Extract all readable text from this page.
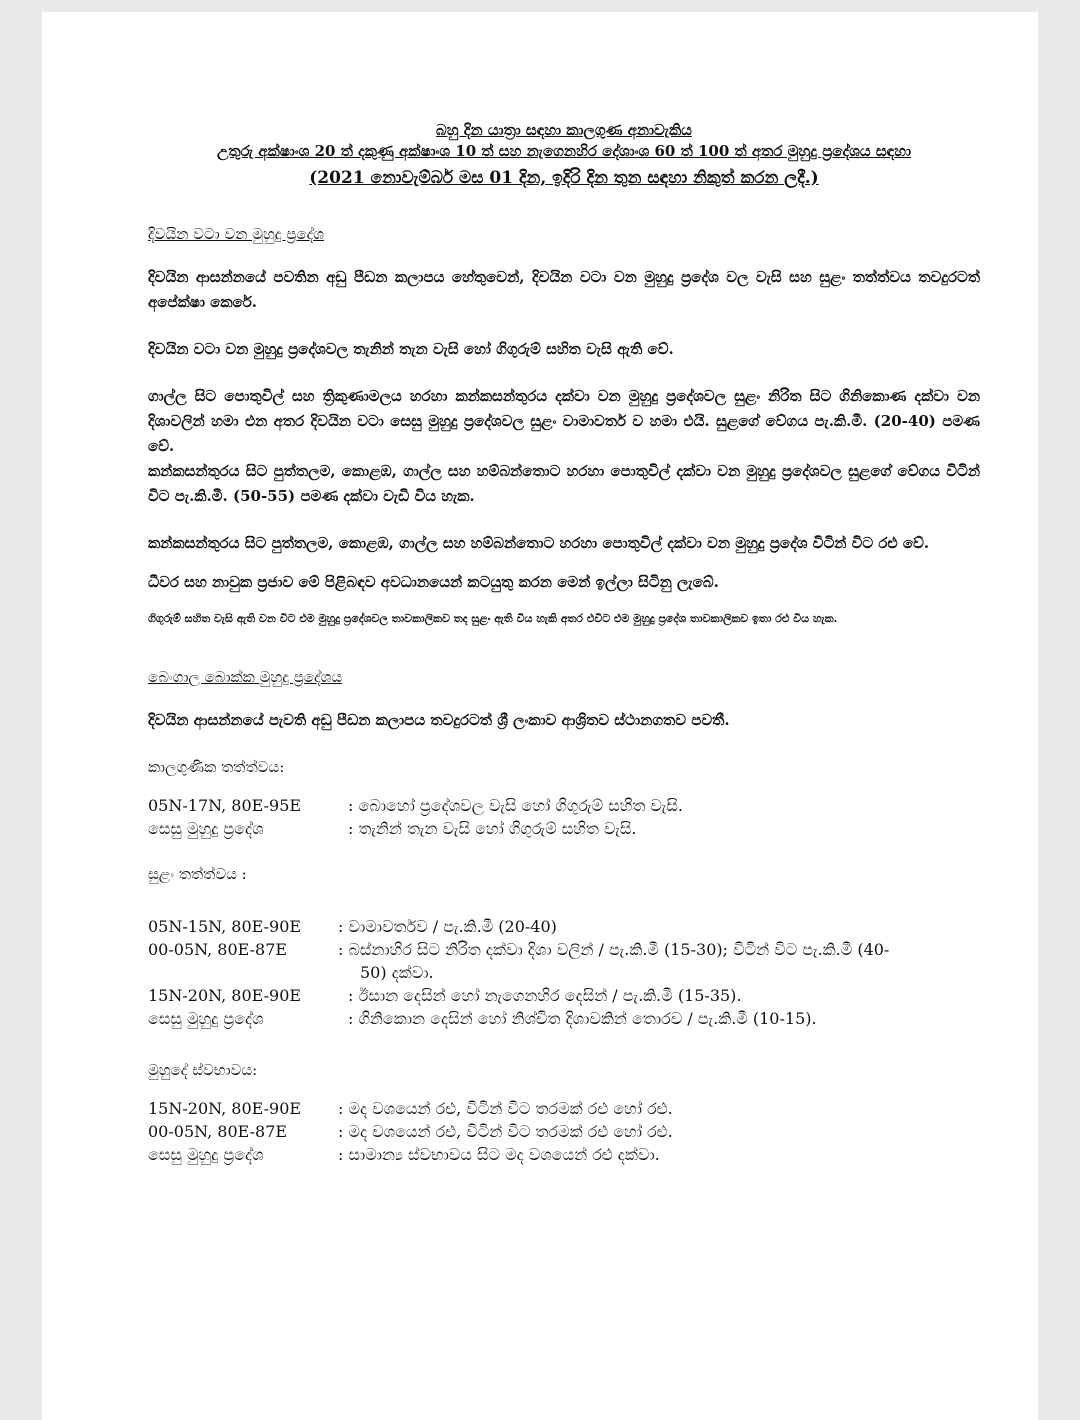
බහු දින යාත්‍රා සඳහා කාලගුණ අනාවැකිය
උතුරු අක්ෂාංශ 20 ත් දකුණු අක්ෂාංශ 10 ත් සහ නැගෙනහිර දේශාංශ 60 ත් 100 ත් අතර මුහුදු ප්‍රදේශය සඳහා
(2021 නොවැම්බර් මස 01 දින, ඉදිරි දින තුන සඳහා නිකුත් කරන ලදී.)
දිවයින වටා වන මුහුදු ප්‍රදේශ

දිවයින ආසන්නයේ පවතින අඩු පීඩන කලාපය හේතුවෙන්, දිවයින වටා වන මුහුදු ප්‍රදේශ වල වැසි සහ සුළං තත්ත්වය තවදුරටත් අපේක්ෂා කෙරේ.

දිවයින වටා වන මුහුදු ප්‍රදේශවල තැනින් තැන වැසි හෝ ගිගුරුම් සහිත වැසි ඇති වේ.

ගාල්ල සිට පොතුවිල් සහ ත්‍රිකුණාමලය හරහා කන්කසන්තුරය දක්වා වන මුහුදු ප්‍රදේශවල සුළං නිරිත සිට ගිනිකොණ දක්වා වන දිශාවලින් හමා එන අතර දිවයින වටා සෙසු මුහුදු ප්‍රදේශවල සුළං වාමාවර්ත ව හමා එයි. සුළගේ වේගය පැ.කි.මී. (20-40) පමණ වේ.

කන්කසන්තුරය සිට පුත්තලම, කොළඹ, ගාල්ල සහ හම්බන්තොට හරහා පොතුවිල් දක්වා වන මුහුදු ප්‍රදේශවල සුළගේ වේගය විටින් විට පැ.කි.මී. (50-55) පමණ දක්වා වැඩි විය හැක.

කන්කසන්තුරය සිට පුත්තලම, කොළඹ, ගාල්ල සහ හම්බන්තොට හරහා පොතුවිල් දක්වා වන මුහුදු ප්‍රදේශ විටින් විට රළු වේ.

ධීවර සහ නාවුක ප්‍රජාව මේ පිළිබඳව අවධානයෙන් කටයුතු කරන මෙන් ඉල්ලා සිටිනු ලැබේ.

ගිගුරුම් සහිත වැසි ඇති වන විට එම මුහුදු ප්‍රදේශවල තාවකාලිකව තද සුළං ඇති විය හැකි අතර එවිට එම මුහුදු ප්‍රදේශ තාවකාලිකව ඉතා රළු විය හැක.

බෙංගාල බොක්ක මුහුදු ප්‍රදේශය

දිවයින ආසන්නයේ පැවති අඩු පීඩන කලාපය තවදුරටත් ශ්‍රී ලංකාව ආශ්‍රිතව ස්ථානගතව පවතී.

කාලගුණික තත්ත්වය:

05N-17N, 80E-95E	: බොහෝ ප්‍රදේශවල වැසි හෝ ගිගුරුම් සහිත වැසි.
සෙසු මුහුදු ප්‍රදේශ	: තැනින් තැන වැසි හෝ ගිගුරුම් සහිත වැසි.

සුළං තත්ත්වය :

05N-15N, 80E-90E	: වාමාවර්තව / පැ.කි.මී (20-40)
00-05N, 80E-87E	: බස්නාහිර සිට නිරිත දක්වා දිශා වලින් / පැ.කි.මී (15-30); විටින් විට පැ.කි.මී (40-
50) දක්වා.
15N-20N, 80E-90E	: ඊසාන දෙසින් හෝ නැගෙනහිර දෙසින් / පැ.කි.මී (15-35).
සෙසු මුහුදු ප්‍රදේශ	: ගිනිකොන දෙසින් හෝ නිශ්චිත දිශාවකින් තොරව / පැ.කි.මී (10-15).

මුහුදේ ස්වභාවය:

15N-20N, 80E-90E	: මද වශයෙන් රළු, විටින් විට තරමක් රළු හෝ රළු.
00-05N, 80E-87E	: මද වශයෙන් රළු, විටින් විට තරමක් රළු හෝ රළු.
සෙසු මුහුදු ප්‍රදේශ	: සාමාන්‍ය ස්වභාවය සිට මද වශයෙන් රළු දක්වා.
